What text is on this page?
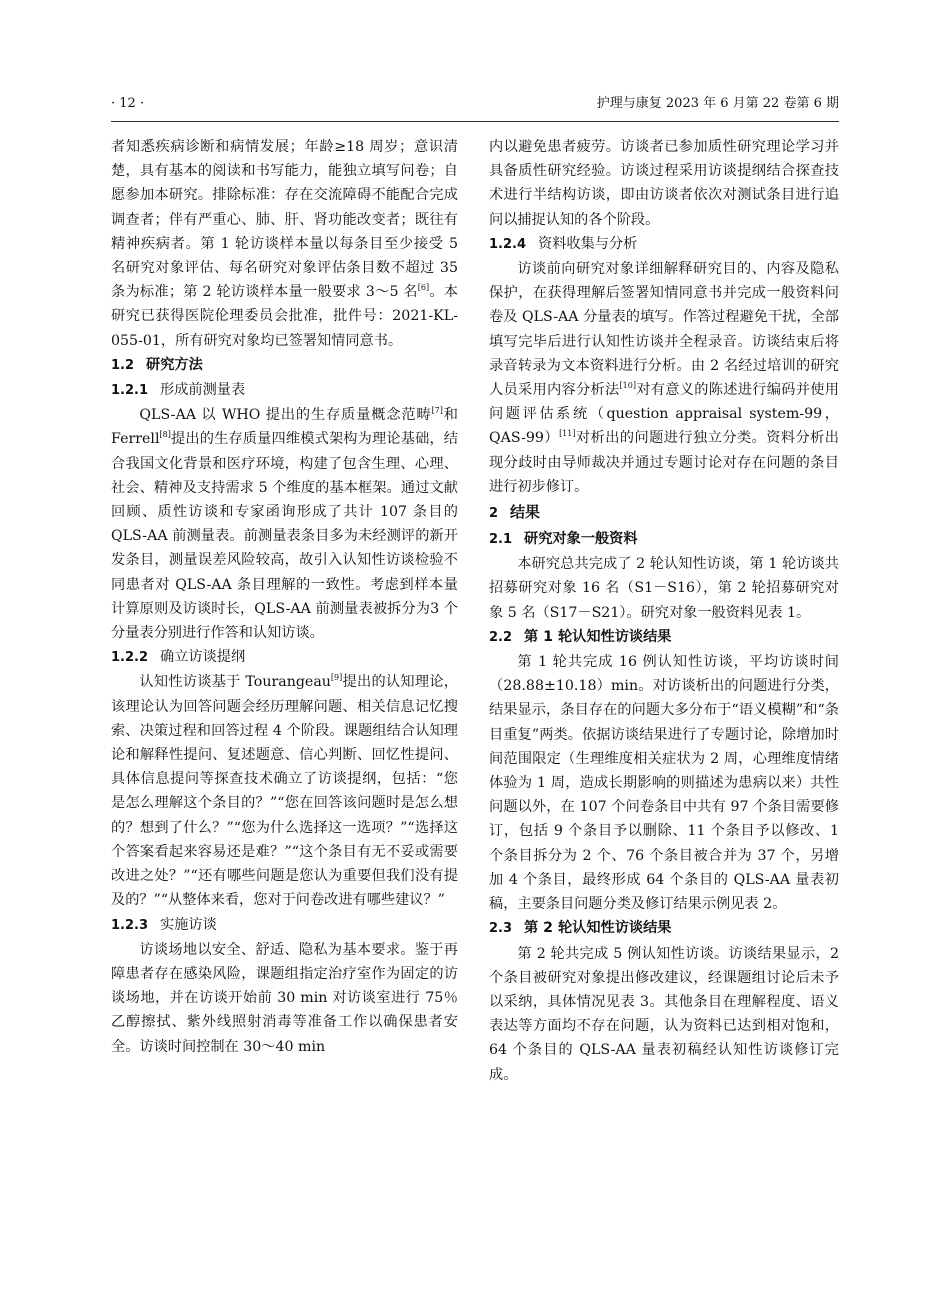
· 12 ·	护理与康复 2023 年 6 月第 22 卷第 6 期

者知悉疾病诊断和病情发展；年龄≥18 周岁；意识清楚，具有基本的阅读和书写能力，能独立填写问卷；自愿参加本研究。排除标准：存在交流障碍不能配合完成调查者；伴有严重心、肺、肝、肾功能改变者；既往有精神疾病者。第 1 轮访谈样本量以每条目至少接受 5 名研究对象评估、每名研究对象评估条目数不超过 35 条为标准；第 2 轮访谈样本量一般要求 3～5 名[6]。本研究已获得医院伦理委员会批准，批件号：2021-KL-055-01，所有研究对象均已签署知情同意书。

1.2 研究方法
1.2.1 形成前测量表

QLS-AA 以 WHO 提出的生存质量概念范畴[7]和 Ferrell[8]提出的生存质量四维模式架构为理论基础，结合我国文化背景和医疗环境，构建了包含生理、心理、社会、精神及支持需求 5 个维度的基本框架。通过文献回顾、质性访谈和专家函询形成了共计 107 条目的 QLS-AA 前测量表。前测量表条目多为未经测评的新开发条目，测量误差风险较高，故引入认知性访谈检验不同患者对 QLS-AA 条目理解的一致性。考虑到样本量计算原则及访谈时长，QLS-AA 前测量表被拆分为3 个分量表分别进行作答和认知访谈。

1.2.2 确立访谈提纲

认知性访谈基于 Tourangeau[9]提出的认知理论，该理论认为回答问题会经历理解问题、相关信息记忆搜索、决策过程和回答过程 4 个阶段。课题组结合认知理论和解释性提问、复述题意、信心判断、回忆性提问、具体信息提问等探查技术确立了访谈提纲，包括：“您是怎么理解这个条目的？”“您在回答该问题时是怎么想的？想到了什么？”“您为什么选择这一选项？”“选择这个答案看起来容易还是难？”“这个条目有无不妥或需要改进之处？”“还有哪些问题是您认为重要但我们没有提及的？”“从整体来看，您对于问卷改进有哪些建议？”

1.2.3 实施访谈

访谈场地以安全、舒适、隐私为基本要求。鉴于再障患者存在感染风险，课题组指定治疗室作为固定的访谈场地，并在访谈开始前 30 min 对访谈室进行 75％乙醇擦拭、紫外线照射消毒等准备工作以确保患者安全。访谈时间控制在 30～40 min

内以避免患者疲劳。访谈者已参加质性研究理论学习并具备质性研究经验。访谈过程采用访谈提纲结合探查技术进行半结构访谈，即由访谈者依次对测试条目进行追问以捕捉认知的各个阶段。

1.2.4 资料收集与分析

访谈前向研究对象详细解释研究目的、内容及隐私保护，在获得理解后签署知情同意书并完成一般资料问卷及 QLS-AA 分量表的填写。作答过程避免干扰，全部填写完毕后进行认知性访谈并全程录音。访谈结束后将录音转录为文本资料进行分析。由 2 名经过培训的研究人员采用内容分析法[10]对有意义的陈述进行编码并使用问题评估系统（question appraisal system-99，QAS-99）[11]对析出的问题进行独立分类。资料分析出现分歧时由导师裁决并通过专题讨论对存在问题的条目进行初步修订。

2 结果
2.1 研究对象一般资料

本研究总共完成了 2 轮认知性访谈，第 1 轮访谈共招募研究对象 16 名（S1－S16），第 2 轮招募研究对象 5 名（S17－S21）。研究对象一般资料见表 1。

2.2 第 1 轮认知性访谈结果

第 1 轮共完成 16 例认知性访谈，平均访谈时间（28.88±10.18）min。对访谈析出的问题进行分类，结果显示，条目存在的问题大多分布于“语义模糊”和“条目重复”两类。依据访谈结果进行了专题讨论，除增加时间范围限定（生理维度相关症状为 2 周，心理维度情绪体验为 1 周，造成长期影响的则描述为患病以来）共性问题以外，在 107 个问卷条目中共有 97 个条目需要修订，包括 9 个条目予以删除、11 个条目予以修改、1 个条目拆分为 2 个、76 个条目被合并为 37 个，另增加 4 个条目，最终形成 64 个条目的 QLS-AA 量表初稿，主要条目问题分类及修订结果示例见表 2。

2.3 第 2 轮认知性访谈结果

第 2 轮共完成 5 例认知性访谈。访谈结果显示，2 个条目被研究对象提出修改建议，经课题组讨论后未予以采纳，具体情况见表 3。其他条目在理解程度、语义表达等方面均不存在问题，认为资料已达到相对饱和，64 个条目的 QLS-AA 量表初稿经认知性访谈修订完成。
